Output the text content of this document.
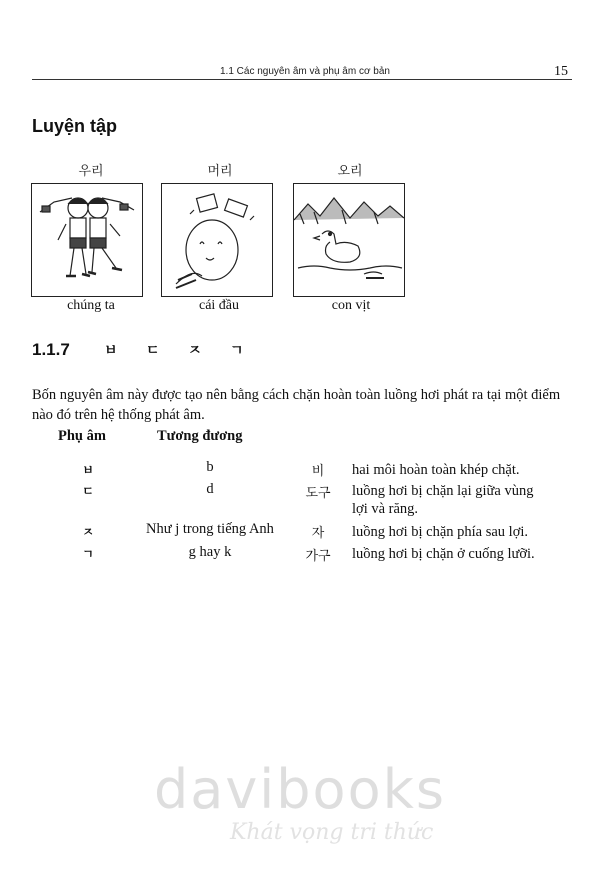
1.1 Các nguyên âm và phụ âm cơ bản	15
Luyện tập
우리	머리	오리
chúng ta	cái đầu	con vịt
1.1.7 ㅂ ㄷ ㅈ ㄱ
Bốn nguyên âm này được tạo nên bằng cách chặn hoàn toàn luồng hơi phát ra tại một điểm nào đó trên hệ thống phát âm.
Phụ âm	Tương đương
ㅂ	b	비	hai môi hoàn toàn khép chặt.
ㄷ	d	도구	luồng hơi bị chặn lại giữa vùng lợi và răng.
ㅈ	Như j trong tiếng Anh	자	luồng hơi bị chặn phía sau lợi.
ㄱ	g hay k	가구	luồng hơi bị chặn ở cuống lưỡi.
davibooks
Khát vọng tri thức
